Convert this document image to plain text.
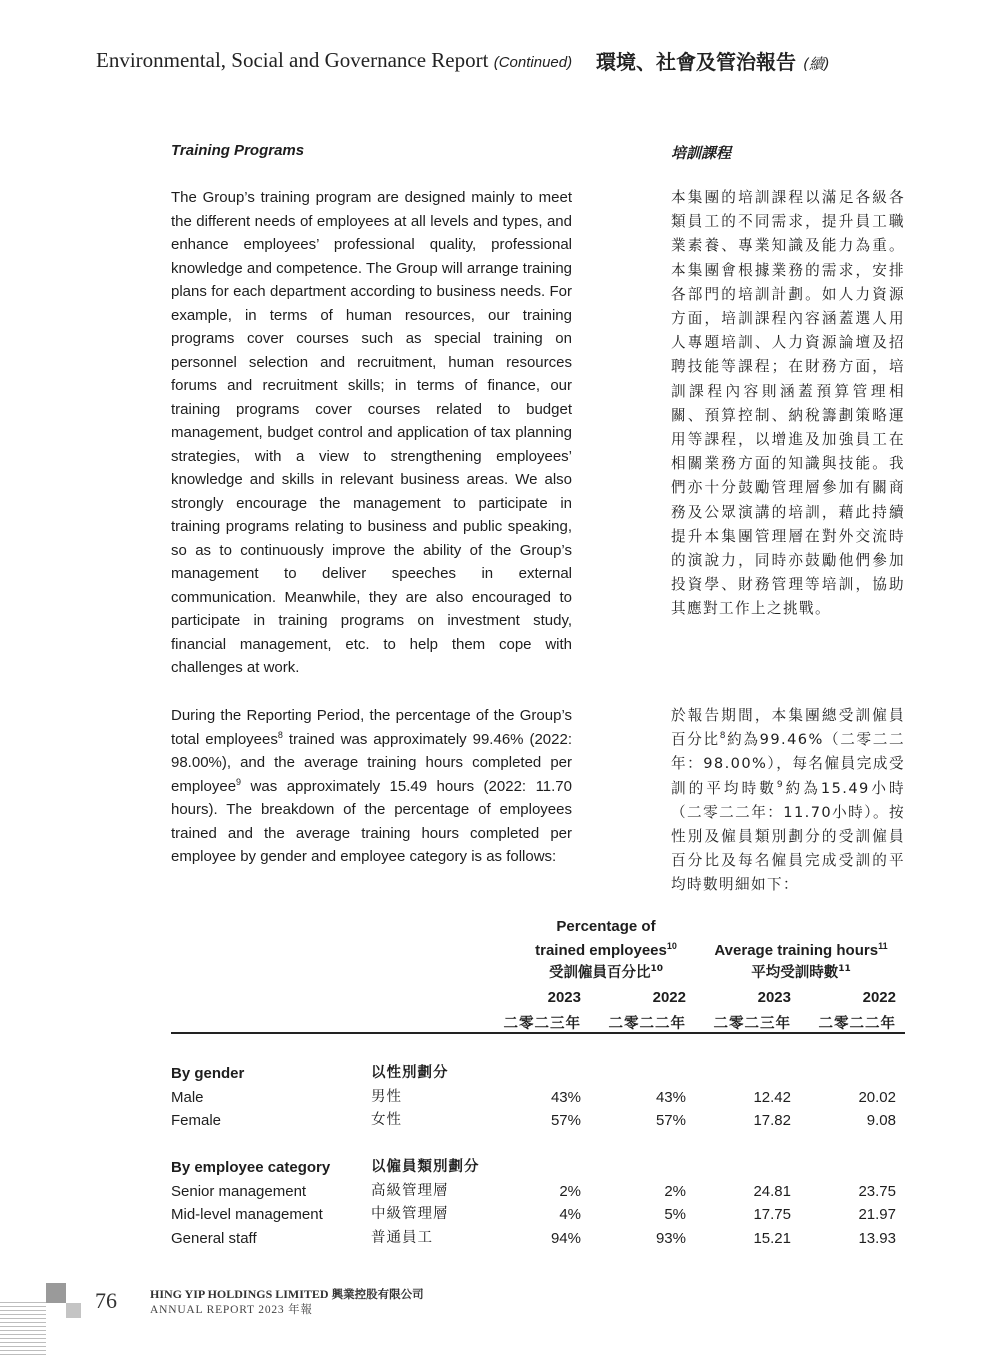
Environmental, Social and Governance Report (Continued) 環境、社會及管治報告 (續)
Training Programs	培訓課程

The Group’s training program are designed mainly to meet the different needs of employees at all levels and types, and enhance employees’ professional quality, professional knowledge and competence. The Group will arrange training plans for each department according to business needs. For example, in terms of human resources, our training programs cover courses such as special training on personnel selection and recruitment, human resources forums and recruitment skills; in terms of finance, our training programs cover courses related to budget management, budget control and application of tax planning strategies, with a view to strengthening employees’ knowledge and skills in relevant business areas. We also strongly encourage the management to participate in training programs relating to business and public speaking, so as to continuously improve the ability of the Group’s management to deliver speeches in external communication. Meanwhile, they are also encouraged to participate in training programs on investment study, financial management, etc. to help them cope with challenges at work.

本集團的培訓課程以滿足各級各類員工的不同需求，提升員工職業素養、專業知識及能力為重。本集團會根據業務的需求，安排各部門的培訓計劃。如人力資源方面，培訓課程內容涵蓋選人用人專題培訓、人力資源論壇及招聘技能等課程；在財務方面，培訓課程內容則涵蓋預算管理相關、預算控制、納稅籌劃策略運用等課程，以增進及加強員工在相關業務方面的知識與技能。我們亦十分鼓勵管理層參加有關商務及公眾演講的培訓，藉此持續提升本集團管理層在對外交流時的演說力，同時亦鼓勵他們參加投資學、財務管理等培訓，協助其應對工作上之挑戰。

During the Reporting Period, the percentage of the Group’s total employees$^8$ trained was approximately 99.46% (2022: 98.00%), and the average training hours completed per employee$^9$ was approximately 15.49 hours (2022: 11.70 hours). The breakdown of the percentage of employees trained and the average training hours completed per employee by gender and employee category is as follows:

於報告期間，本集團總受訓僱員百分比$^8$約為99.46%（二零二二年：98.00%），每名僱員完成受訓的平均時數$^9$約為15.49小時（二零二二年：11.70小時）。按性別及僱員類別劃分的受訓僱員百分比及每名僱員完成受訓的平均時數明細如下：

Percentage of
trained employees$^{10}$
受訓僱員百分比$^{10}$
Average training hours$^{11}$
平均受訓時數$^{11}$
2023	2022	2023	2022
二零二三年	二零二二年	二零二三年	二零二二年
By gender	以性別劃分
Male	男性	43%	43%	12.42	20.02
Female	女性	57%	57%	17.82	9.08
By employee category	以僱員類別劃分
Senior management	高級管理層	2%	2%	24.81	23.75
Mid-level management	中級管理層	4%	5%	17.75	21.97
General staff	普通員工	94%	93%	15.21	13.93
76	HING YIP HOLDINGS LIMITED 興業控股有限公司
ANNUAL REPORT 2023 年報
